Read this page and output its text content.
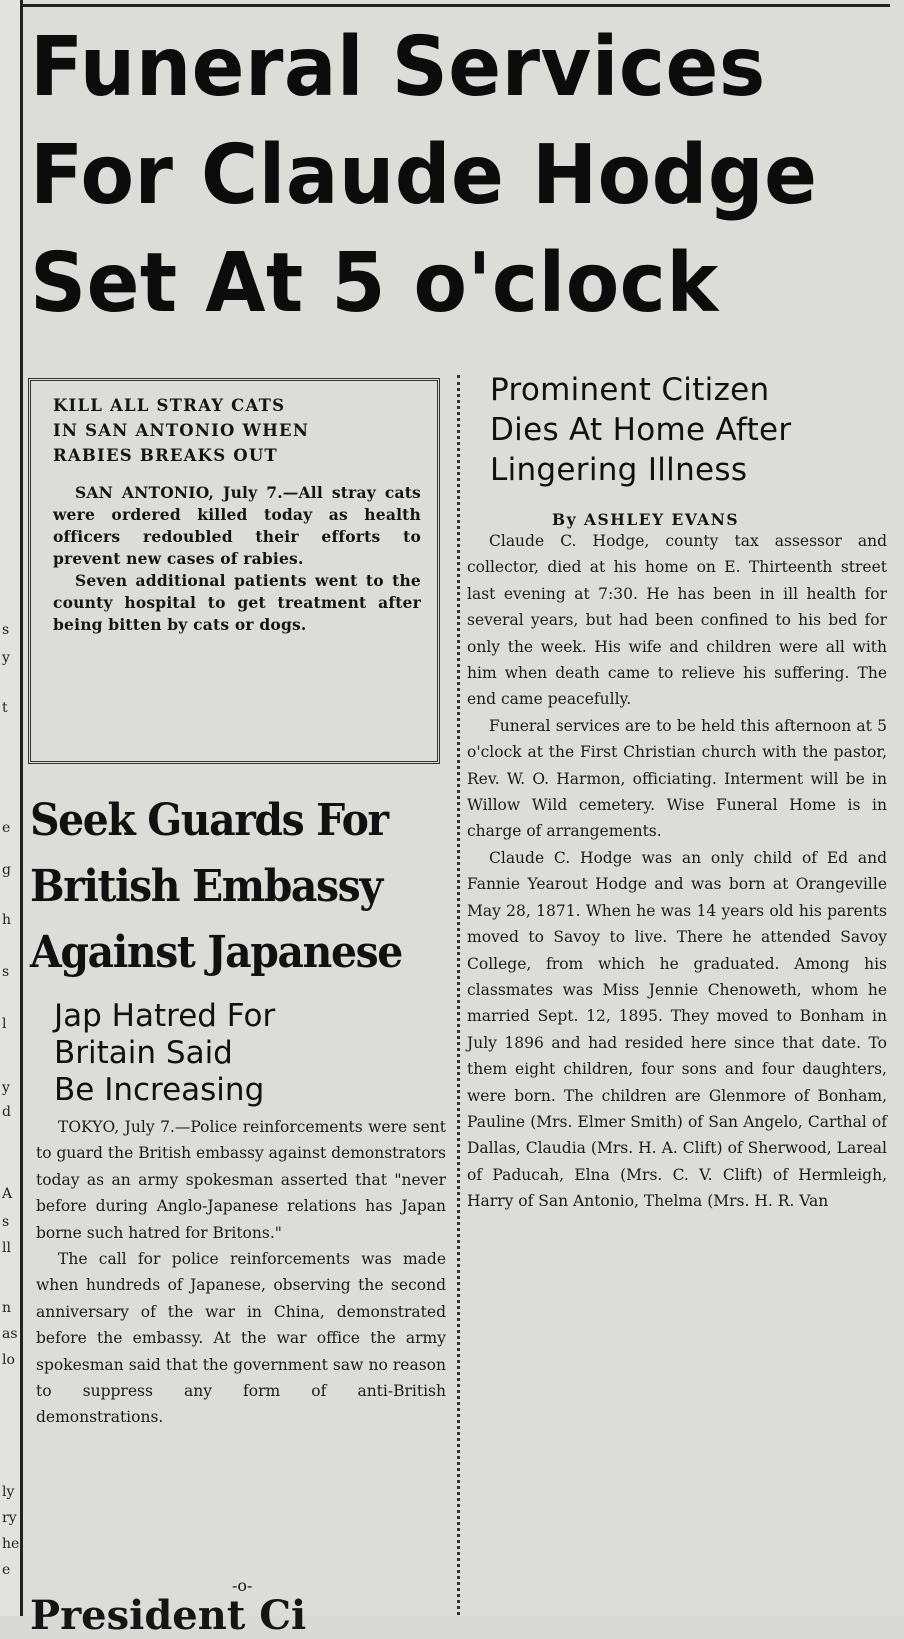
s
y
t
e
g
h
s
l
y
d
A
s
ll
n
as
lo
ly
ry
he
e
Funeral Services
For Claude Hodge
Set At 5 o'clock
KILL ALL STRAY CATS
IN SAN ANTONIO WHEN
RABIES BREAKS OUT

SAN ANTONIO, July 7.—All stray cats were ordered killed today as health officers redoubled their efforts to prevent new cases of rabies.

Seven additional patients went to the county hospital to get treatment after being bitten by cats or dogs.

Seek Guards For
British Embassy
Against Japanese
Jap Hatred For
Britain Said
Be Increasing

TOKYO, July 7.—Police reinforcements were sent to guard the British embassy against demonstrators today as an army spokesman asserted that "never before during Anglo-Japanese relations has Japan borne such hatred for Britons."

The call for police reinforcements was made when hundreds of Japanese, observing the second anniversary of the war in China, demonstrated before the embassy. At the war office the army spokesman said that the government saw no reason to suppress any form of anti-British demonstrations.

-o-
President Ci
Prominent Citizen
Dies At Home After
Lingering Illness
By ASHLEY EVANS

Claude C. Hodge, county tax assessor and collector, died at his home on E. Thirteenth street last evening at 7:30. He has been in ill health for several years, but had been confined to his bed for only the week. His wife and children were all with him when death came to relieve his suffering. The end came peacefully.

Funeral services are to be held this afternoon at 5 o'clock at the First Christian church with the pastor, Rev. W. O. Harmon, officiating. Interment will be in Willow Wild cemetery. Wise Funeral Home is in charge of arrangements.

Claude C. Hodge was an only child of Ed and Fannie Yearout Hodge and was born at Orangeville May 28, 1871. When he was 14 years old his parents moved to Savoy to live. There he attended Savoy College, from which he graduated. Among his classmates was Miss Jennie Chenoweth, whom he married Sept. 12, 1895. They moved to Bonham in July 1896 and had resided here since that date. To them eight children, four sons and four daughters, were born. The children are Glenmore of Bonham, Pauline (Mrs. Elmer Smith) of San Angelo, Carthal of Dallas, Claudia (Mrs. H. A. Clift) of Sherwood, Lareal of Paducah, Elna (Mrs. C. V. Clift) of Hermleigh, Harry of San Antonio, Thelma (Mrs. H. R. Van
